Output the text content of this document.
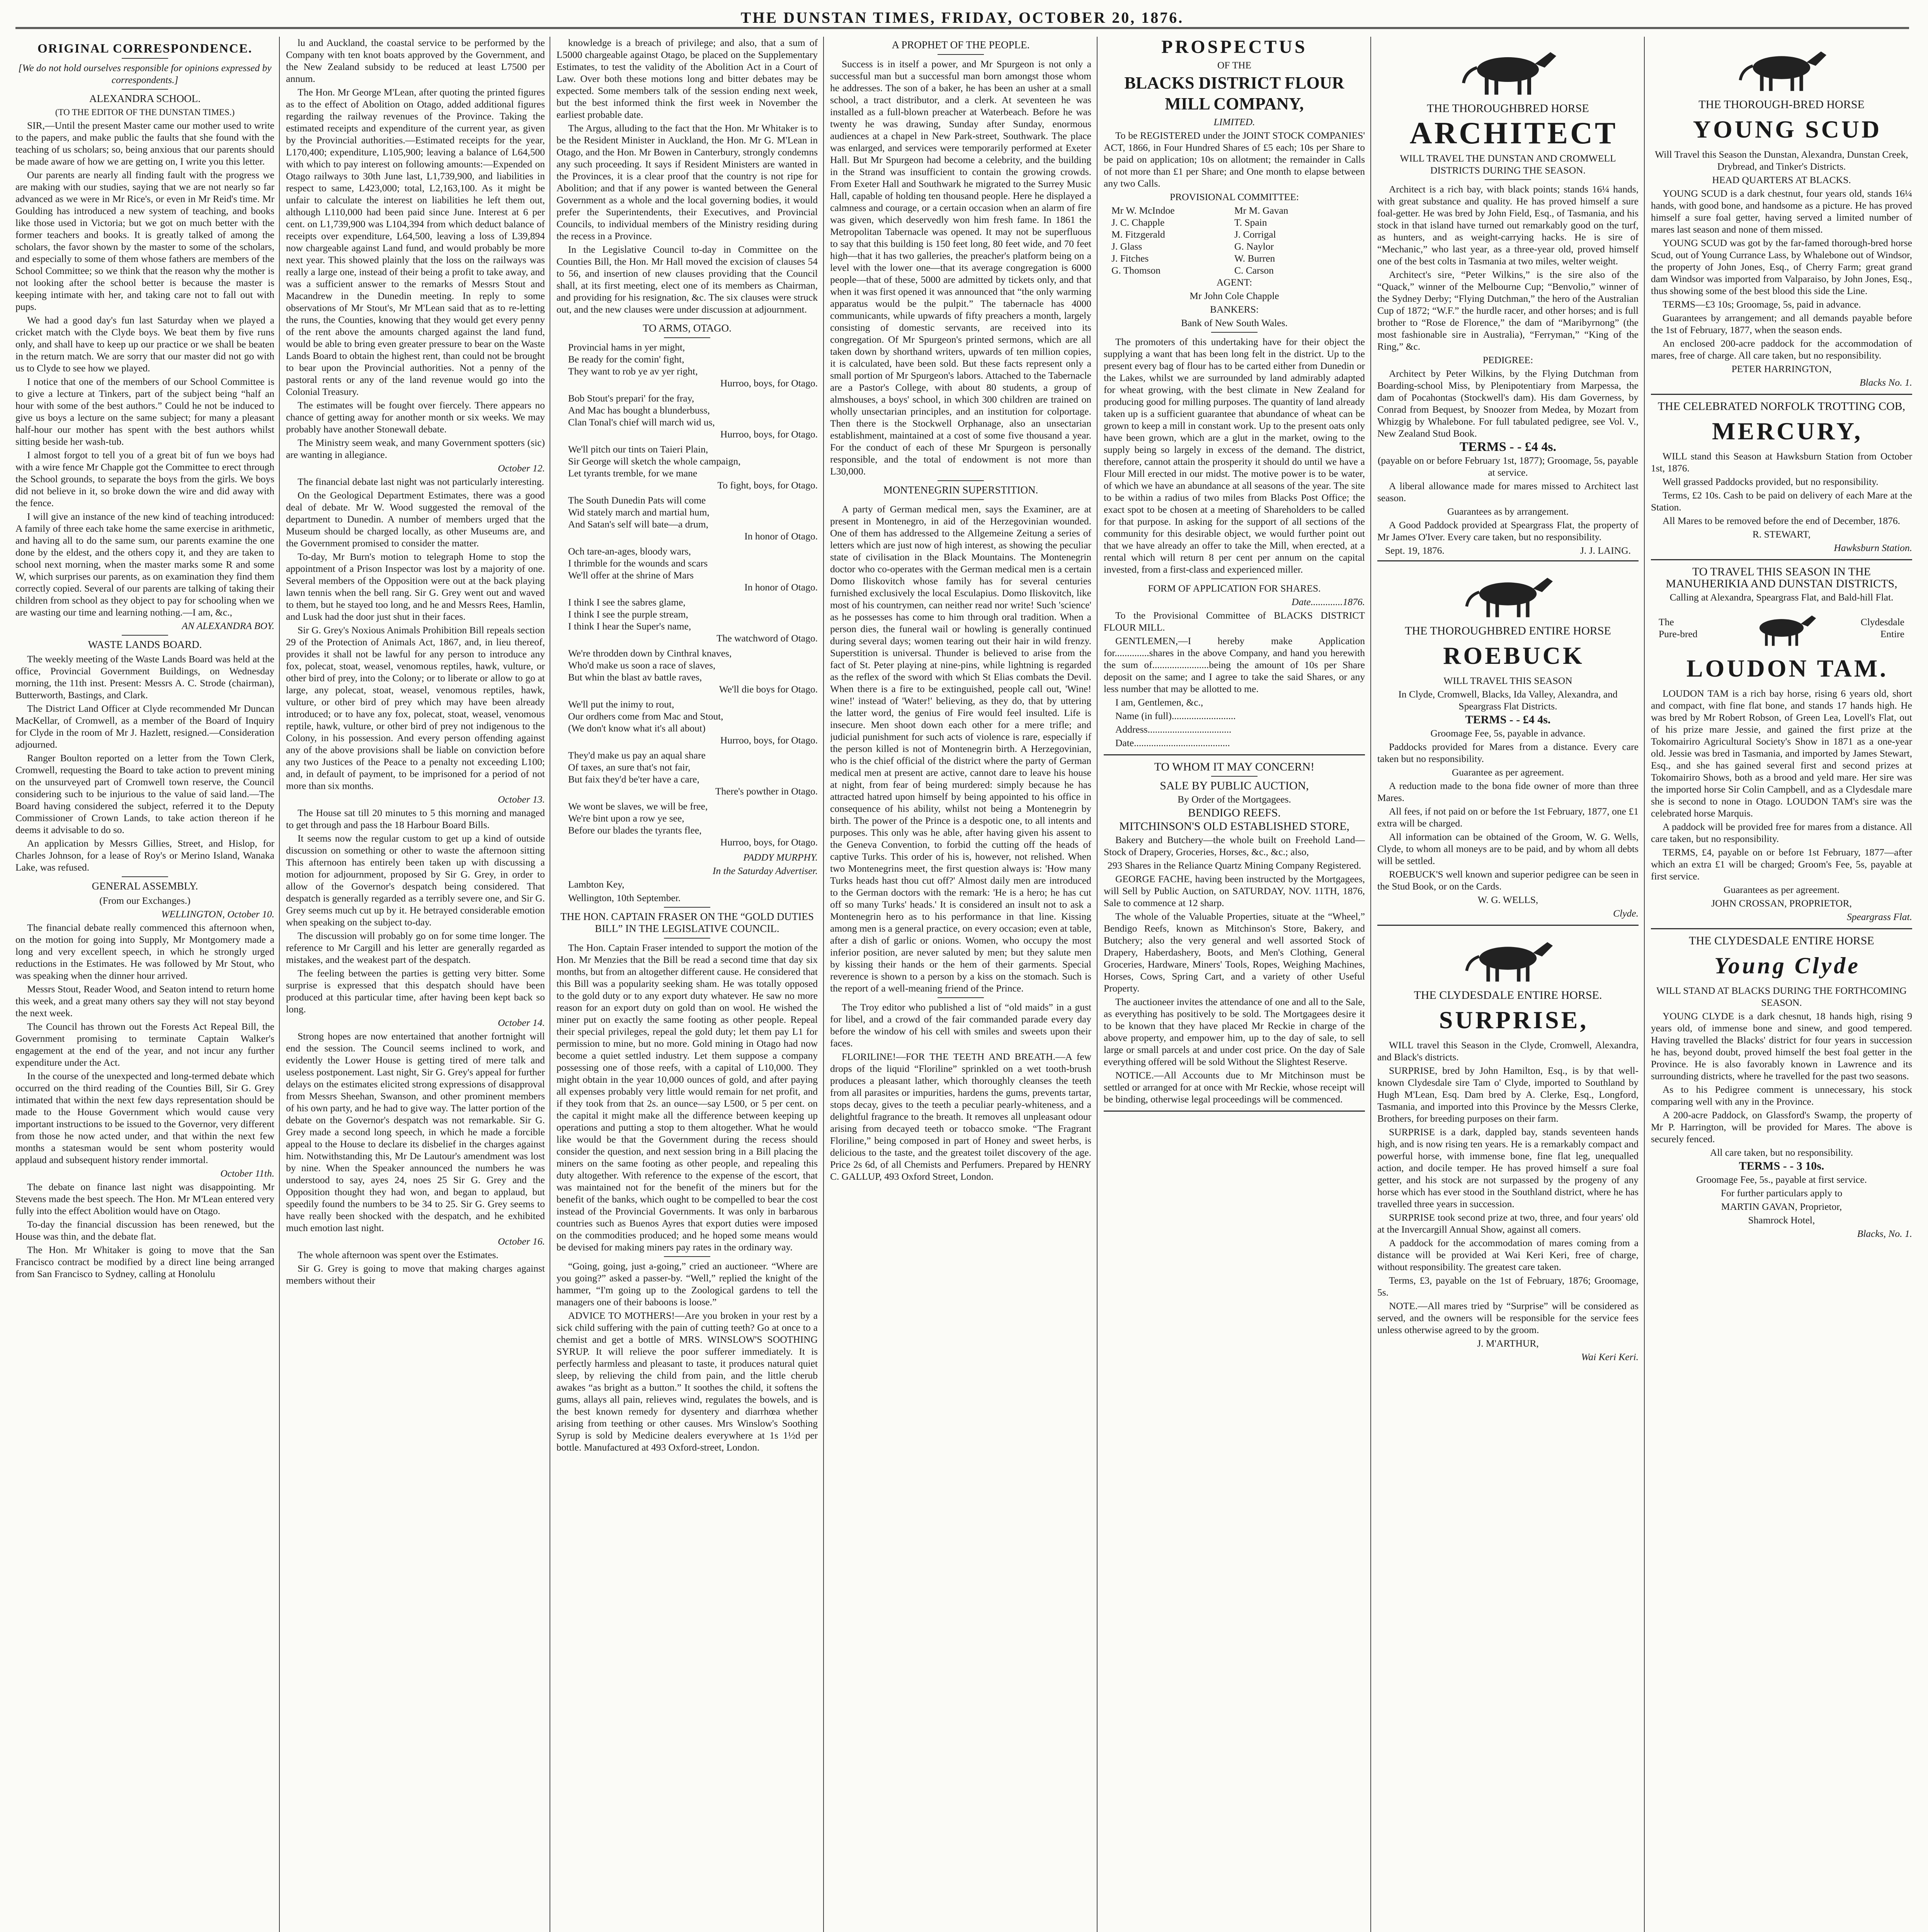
THE DUNSTAN TIMES, FRIDAY, OCTOBER 20, 1876.
ORIGINAL CORRESPONDENCE.

[We do not hold ourselves responsible for opinions expressed by correspondents.]

ALEXANDRA SCHOOL.

(TO THE EDITOR OF THE DUNSTAN TIMES.)

SIR,—Until the present Master came our mother used to write to the papers, and make public the faults that she found with the teaching of us scholars; so, being anxious that our parents should be made aware of how we are getting on, I write you this letter.

Our parents are nearly all finding fault with the progress we are making with our studies, saying that we are not nearly so far advanced as we were in Mr Rice's, or even in Mr Reid's time. Mr Goulding has introduced a new system of teaching, and books like those used in Victoria; but we got on much better with the former teachers and books. It is greatly talked of among the scholars, the favor shown by the master to some of the scholars, and especially to some of them whose fathers are members of the School Committee; so we think that the reason why the mother is not looking after the school better is because the master is keeping intimate with her, and taking care not to fall out with pups.

We had a good day's fun last Saturday when we played a cricket match with the Clyde boys. We beat them by five runs only, and shall have to keep up our practice or we shall be beaten in the return match. We are sorry that our master did not go with us to Clyde to see how we played.

I notice that one of the members of our School Committee is to give a lecture at Tinkers, part of the subject being “half an hour with some of the best authors.” Could he not be induced to give us boys a lecture on the same subject; for many a pleasant half-hour our mother has spent with the best authors whilst sitting beside her wash-tub.

I almost forgot to tell you of a great bit of fun we boys had with a wire fence Mr Chapple got the Committee to erect through the School grounds, to separate the boys from the girls. We boys did not believe in it, so broke down the wire and did away with the fence.

I will give an instance of the new kind of teaching introduced: A family of three each take home the same exercise in arithmetic, and having all to do the same sum, our parents examine the one done by the eldest, and the others copy it, and they are taken to school next morning, when the master marks some R and some W, which surprises our parents, as on examination they find them correctly copied. Several of our parents are talking of taking their children from school as they object to pay for schooling when we are wasting our time and learning nothing.—I am, &c.,

AN ALEXANDRA BOY.

WASTE LANDS BOARD.

The weekly meeting of the Waste Lands Board was held at the office, Provincial Government Buildings, on Wednesday morning, the 11th inst. Present: Messrs A. C. Strode (chairman), Butterworth, Bastings, and Clark.

The District Land Officer at Clyde recommended Mr Duncan MacKellar, of Cromwell, as a member of the Board of Inquiry for Clyde in the room of Mr J. Hazlett, resigned.—Consideration adjourned.

Ranger Boulton reported on a letter from the Town Clerk, Cromwell, requesting the Board to take action to prevent mining on the unsurveyed part of Cromwell town reserve, the Council considering such to be injurious to the value of said land.—The Board having considered the subject, referred it to the Deputy Commissioner of Crown Lands, to take action thereon if he deems it advisable to do so.

An application by Messrs Gillies, Street, and Hislop, for Charles Johnson, for a lease of Roy's or Merino Island, Wanaka Lake, was refused.

GENERAL ASSEMBLY.

(From our Exchanges.)

WELLINGTON, October 10.

The financial debate really commenced this afternoon when, on the motion for going into Supply, Mr Montgomery made a long and very excellent speech, in which he strongly urged reductions in the Estimates. He was followed by Mr Stout, who was speaking when the dinner hour arrived.

Messrs Stout, Reader Wood, and Seaton intend to return home this week, and a great many others say they will not stay beyond the next week.

The Council has thrown out the Forests Act Repeal Bill, the Government promising to terminate Captain Walker's engagement at the end of the year, and not incur any further expenditure under the Act.

In the course of the unexpected and long-termed debate which occurred on the third reading of the Counties Bill, Sir G. Grey intimated that within the next few days representation should be made to the House Government which would cause very important instructions to be issued to the Governor, very different from those he now acted under, and that within the next few months a statesman would be sent whom posterity would applaud and subsequent history render immortal.

October 11th.

The debate on finance last night was disappointing. Mr Stevens made the best speech. The Hon. Mr M'Lean entered very fully into the effect Abolition would have on Otago.

To-day the financial discussion has been renewed, but the House was thin, and the debate flat.

The Hon. Mr Whitaker is going to move that the San Francisco contract be modified by a direct line being arranged from San Francisco to Sydney, calling at Honolulu

lu and Auckland, the coastal service to be performed by the Company with ten knot boats approved by the Government, and the New Zealand subsidy to be reduced at least L7500 per annum.

The Hon. Mr George M'Lean, after quoting the printed figures as to the effect of Abolition on Otago, added additional figures regarding the railway revenues of the Province. Taking the estimated receipts and expenditure of the current year, as given by the Provincial authorities.—Estimated receipts for the year, L170,400; expenditure, L105,900; leaving a balance of L64,500 with which to pay interest on following amounts:—Expended on Otago railways to 30th June last, L1,739,900, and liabilities in respect to same, L423,000; total, L2,163,100. As it might be unfair to calculate the interest on liabilities he left them out, although L110,000 had been paid since June. Interest at 6 per cent. on L1,739,900 was L104,394 from which deduct balance of receipts over expenditure, L64,500, leaving a loss of L39,894 now chargeable against Land fund, and would probably be more next year. This showed plainly that the loss on the railways was really a large one, instead of their being a profit to take away, and was a sufficient answer to the remarks of Messrs Stout and Macandrew in the Dunedin meeting. In reply to some observations of Mr Stout's, Mr M'Lean said that as to re-letting the runs, the Counties, knowing that they would get every penny of the rent above the amounts charged against the land fund, would be able to bring even greater pressure to bear on the Waste Lands Board to obtain the highest rent, than could not be brought to bear upon the Provincial authorities. Not a penny of the pastoral rents or any of the land revenue would go into the Colonial Treasury.

The estimates will be fought over fiercely. There appears no chance of getting away for another month or six weeks. We may probably have another Stonewall debate.

The Ministry seem weak, and many Government spotters (sic) are wanting in allegiance.

October 12.

The financial debate last night was not particularly interesting.

On the Geological Department Estimates, there was a good deal of debate. Mr W. Wood suggested the removal of the department to Dunedin. A number of members urged that the Museum should be charged locally, as other Museums are, and the Government promised to consider the matter.

To-day, Mr Burn's motion to telegraph Home to stop the appointment of a Prison Inspector was lost by a majority of one. Several members of the Opposition were out at the back playing lawn tennis when the bell rang. Sir G. Grey went out and waved to them, but he stayed too long, and he and Messrs Rees, Hamlin, and Lusk had the door just shut in their faces.

Sir G. Grey's Noxious Animals Prohibition Bill repeals section 29 of the Protection of Animals Act, 1867, and, in lieu thereof, provides it shall not be lawful for any person to introduce any fox, polecat, stoat, weasel, venomous reptiles, hawk, vulture, or other bird of prey, into the Colony; or to liberate or allow to go at large, any polecat, stoat, weasel, venomous reptiles, hawk, vulture, or other bird of prey which may have been already introduced; or to have any fox, polecat, stoat, weasel, venomous reptile, hawk, vulture, or other bird of prey not indigenous to the Colony, in his possession. And every person offending against any of the above provisions shall be liable on conviction before any two Justices of the Peace to a penalty not exceeding L100; and, in default of payment, to be imprisoned for a period of not more than six months.

October 13.

The House sat till 20 minutes to 5 this morning and managed to get through and pass the 18 Harbour Board Bills.

It seems now the regular custom to get up a kind of outside discussion on something or other to waste the afternoon sitting This afternoon has entirely been taken up with discussing a motion for adjournment, proposed by Sir G. Grey, in order to allow of the Governor's despatch being considered. That despatch is generally regarded as a terribly severe one, and Sir G. Grey seems much cut up by it. He betrayed considerable emotion when speaking on the subject to-day.

The discussion will probably go on for some time longer. The reference to Mr Cargill and his letter are generally regarded as mistakes, and the weakest part of the despatch.

The feeling between the parties is getting very bitter. Some surprise is expressed that this despatch should have been produced at this particular time, after having been kept back so long.

October 14.

Strong hopes are now entertained that another fortnight will end the session. The Council seems inclined to work, and evidently the Lower House is getting tired of mere talk and useless postponement. Last night, Sir G. Grey's appeal for further delays on the estimates elicited strong expressions of disapproval from Messrs Sheehan, Swanson, and other prominent members of his own party, and he had to give way. The latter portion of the debate on the Governor's despatch was not remarkable. Sir G. Grey made a second long speech, in which he made a forcible appeal to the House to declare its disbelief in the charges against him. Notwithstanding this, Mr De Lautour's amendment was lost by nine. When the Speaker announced the numbers he was understood to say, ayes 24, noes 25 Sir G. Grey and the Opposition thought they had won, and began to applaud, but speedily found the numbers to be 34 to 25. Sir G. Grey seems to have really been shocked with the despatch, and he exhibited much emotion last night.

October 16.

The whole afternoon was spent over the Estimates.

Sir G. Grey is going to move that making charges against members without their

knowledge is a breach of privilege; and also, that a sum of L5000 chargeable against Otago, be placed on the Supplementary Estimates, to test the validity of the Abolition Act in a Court of Law. Over both these motions long and bitter debates may be expected. Some members talk of the session ending next week, but the best informed think the first week in November the earliest probable date.

The Argus, alluding to the fact that the Hon. Mr Whitaker is to be the Resident Minister in Auckland, the Hon. Mr G. M'Lean in Otago, and the Hon. Mr Bowen in Canterbury, strongly condemns any such proceeding. It says if Resident Ministers are wanted in the Provinces, it is a clear proof that the country is not ripe for Abolition; and that if any power is wanted between the General Government as a whole and the local governing bodies, it would prefer the Superintendents, their Executives, and Provincial Councils, to individual members of the Ministry residing during the recess in a Province.

In the Legislative Council to-day in Committee on the Counties Bill, the Hon. Mr Hall moved the excision of clauses 54 to 56, and insertion of new clauses providing that the Council shall, at its first meeting, elect one of its members as Chairman, and providing for his resignation, &c. The six clauses were struck out, and the new clauses were under discussion at adjournment.

TO ARMS, OTAGO.

Provincial hams in yer might,
Be ready for the comin' fight,
They want to rob ye av yer right,
Hurroo, boys, for Otago.
Bob Stout's prepari' for the fray,
And Mac has bought a blunderbuss,
Clan Tonal's chief will march wid us,
Hurroo, boys, for Otago.
We'll pitch our tints on Taieri Plain,
Sir George will sketch the whole campaign,
Let tyrants tremble, for we mane
To fight, boys, for Otago.
The South Dunedin Pats will come
Wid stately march and martial hum,
And Satan's self will bate—a drum,
In honor of Otago.
Och tare-an-ages, bloody wars,
I thrimble for the wounds and scars
We'll offer at the shrine of Mars
In honor of Otago.
I think I see the sabres glame,
I think I see the purple stream,
I think I hear the Super's name,
The watchword of Otago.
We're throdden down by Cinthral knaves,
Who'd make us soon a race of slaves,
But whin the blast av battle raves,
We'll die boys for Otago.
We'll put the inimy to rout,
Our ordhers come from Mac and Stout,
(We don't know what it's all about)
Hurroo, boys, for Otago.
They'd make us pay an aqual share
Of taxes, an sure that's not fair,
But faix they'd be'ter have a care,
There's powther in Otago.
We wont be slaves, we will be free,
We're bint upon a row ye see,
Before our blades the tyrants flee,
Hurroo, boys, for Otago.

PADDY MURPHY.

In the Saturday Advertiser.

Lambton Key,

Wellington, 10th September.

THE HON. CAPTAIN FRASER ON THE “GOLD DUTIES BILL” IN THE LEGISLATIVE COUNCIL.

The Hon. Captain Fraser intended to support the motion of the Hon. Mr Menzies that the Bill be read a second time that day six months, but from an altogether different cause. He considered that this Bill was a popularity seeking sham. He was totally opposed to the gold duty or to any export duty whatever. He saw no more reason for an export duty on gold than on wool. He wished the miner put on exactly the same footing as other people. Repeal their special privileges, repeal the gold duty; let them pay L1 for permission to mine, but no more. Gold mining in Otago had now become a quiet settled industry. Let them suppose a company possessing one of those reefs, with a capital of L10,000. They might obtain in the year 10,000 ounces of gold, and after paying all expenses probably very little would remain for net profit, and if they took from that 2s. an ounce—say L500, or 5 per cent. on the capital it might make all the difference between keeping up operations and putting a stop to them altogether. What he would like would be that the Government during the recess should consider the question, and next session bring in a Bill placing the miners on the same footing as other people, and repealing this duty altogether. With reference to the expense of the escort, that was maintained not for the benefit of the miners but for the benefit of the banks, which ought to be compelled to bear the cost instead of the Provincial Governments. It was only in barbarous countries such as Buenos Ayres that export duties were imposed on the commodities produced; and he hoped some means would be devised for making miners pay rates in the ordinary way.

“Going, going, just a-going,” cried an auctioneer. “Where are you going?” asked a passer-by. “Well,” replied the knight of the hammer, “I'm going up to the Zoological gardens to tell the managers one of their baboons is loose.”

ADVICE TO MOTHERS!—Are you broken in your rest by a sick child suffering with the pain of cutting teeth? Go at once to a chemist and get a bottle of MRS. WINSLOW'S SOOTHING SYRUP. It will relieve the poor sufferer immediately. It is perfectly harmless and pleasant to taste, it produces natural quiet sleep, by relieving the child from pain, and the little cherub awakes “as bright as a button.” It soothes the child, it softens the gums, allays all pain, relieves wind, regulates the bowels, and is the best known remedy for dysentery and diarrhœa whether arising from teething or other causes. Mrs Winslow's Soothing Syrup is sold by Medicine dealers everywhere at 1s 1½d per bottle. Manufactured at 493 Oxford-street, London.

A PROPHET OF THE PEOPLE.

Success is in itself a power, and Mr Spurgeon is not only a successful man but a successful man born amongst those whom he addresses. The son of a baker, he has been an usher at a small school, a tract distributor, and a clerk. At seventeen he was installed as a full-blown preacher at Waterbeach. Before he was twenty he was drawing, Sunday after Sunday, enormous audiences at a chapel in New Park-street, Southwark. The place was enlarged, and services were temporarily performed at Exeter Hall. But Mr Spurgeon had become a celebrity, and the building in the Strand was insufficient to contain the growing crowds. From Exeter Hall and Southwark he migrated to the Surrey Music Hall, capable of holding ten thousand people. Here he displayed a calmness and courage, or a certain occasion when an alarm of fire was given, which deservedly won him fresh fame. In 1861 the Metropolitan Tabernacle was opened. It may not be superfluous to say that this building is 150 feet long, 80 feet wide, and 70 feet high—that it has two galleries, the preacher's platform being on a level with the lower one—that its average congregation is 6000 people—that of these, 5000 are admitted by tickets only, and that when it was first opened it was announced that “the only warming apparatus would be the pulpit.” The tabernacle has 4000 communicants, while upwards of fifty preachers a month, largely consisting of domestic servants, are received into its congregation. Of Mr Spurgeon's printed sermons, which are all taken down by shorthand writers, upwards of ten million copies, it is calculated, have been sold. But these facts represent only a small portion of Mr Spurgeon's labors. Attached to the Tabernacle are a Pastor's College, with about 80 students, a group of almshouses, a boys' school, in which 300 children are trained on wholly unsectarian principles, and an institution for colportage. Then there is the Stockwell Orphanage, also an unsectarian establishment, maintained at a cost of some five thousand a year. For the conduct of each of these Mr Spurgeon is personally responsible, and the total of endowment is not more than L30,000.

MONTENEGRIN SUPERSTITION.

A party of German medical men, says the Examiner, are at present in Montenegro, in aid of the Herzegovinian wounded. One of them has addressed to the Allgemeine Zeitung a series of letters which are just now of high interest, as showing the peculiar state of civilisation in the Black Mountains. The Montenegrin doctor who co-operates with the German medical men is a certain Domo Iliskovitch whose family has for several centuries furnished exclusively the local Esculapius. Domo Iliskovitch, like most of his countrymen, can neither read nor write! Such 'science' as he possesses has come to him through oral tradition. When a person dies, the funeral wail or howling is generally continued during several days; women tearing out their hair in wild frenzy. Superstition is universal. Thunder is believed to arise from the fact of St. Peter playing at nine-pins, while lightning is regarded as the reflex of the sword with which St Elias combats the Devil. When there is a fire to be extinguished, people call out, 'Wine! wine!' instead of 'Water!' believing, as they do, that by uttering the latter word, the genius of Fire would feel insulted. Life is insecure. Men shoot down each other for a mere trifle; and judicial punishment for such acts of violence is rare, especially if the person killed is not of Montenegrin birth. A Herzegovinian, who is the chief official of the district where the party of German medical men at present are active, cannot dare to leave his house at night, from fear of being murdered: simply because he has attracted hatred upon himself by being appointed to his office in consequence of his ability, whilst not being a Montenegrin by birth. The power of the Prince is a despotic one, to all intents and purposes. This only was he able, after having given his assent to the Geneva Convention, to forbid the cutting off the heads of captive Turks. This order of his is, however, not relished. When two Montenegrins meet, the first question always is: 'How many Turks heads hast thou cut off?' Almost daily men are introduced to the German doctors with the remark: 'He is a hero; he has cut off so many Turks' heads.' It is considered an insult not to ask a Montenegrin hero as to his performance in that line. Kissing among men is a general practice, on every occasion; even at table, after a dish of garlic or onions. Women, who occupy the most inferior position, are never saluted by men; but they salute men by kissing their hands or the hem of their garments. Special reverence is shown to a person by a kiss on the stomach. Such is the report of a well-meaning friend of the Prince.

The Troy editor who published a list of “old maids” in a gust for libel, and a crowd of the fair commanded parade every day before the window of his cell with smiles and sweets upon their faces.

FLORILINE!—FOR THE TEETH AND BREATH.—A few drops of the liquid “Floriline” sprinkled on a wet tooth-brush produces a pleasant lather, which thoroughly cleanses the teeth from all parasites or impurities, hardens the gums, prevents tartar, stops decay, gives to the teeth a peculiar pearly-whiteness, and a delightful fragrance to the breath. It removes all unpleasant odour arising from decayed teeth or tobacco smoke. “The Fragrant Floriline,” being composed in part of Honey and sweet herbs, is delicious to the taste, and the greatest toilet discovery of the age. Price 2s 6d, of all Chemists and Perfumers. Prepared by HENRY C. GALLUP, 493 Oxford Street, London.

PROSPECTUS

OF THE

BLACKS DISTRICT FLOUR MILL COMPANY,

LIMITED.

To be REGISTERED under the JOINT STOCK COMPANIES' ACT, 1866, in Four Hundred Shares of £5 each; 10s per Share to be paid on application; 10s on allotment; the remainder in Calls of not more than £1 per Share; and One month to elapse between any two Calls.

PROVISIONAL COMMITTEE:

Mr W. McIndoe
J. C. Chapple
M. Fitzgerald
J. Glass
J. Fitches
G. Thomson
Mr M. Gavan
T. Spain
J. Corrigal
G. Naylor
W. Burren
C. Carson

AGENT:

Mr John Cole Chapple

BANKERS:

Bank of New South Wales.

The promoters of this undertaking have for their object the supplying a want that has been long felt in the district. Up to the present every bag of flour has to be carted either from Dunedin or the Lakes, whilst we are surrounded by land admirably adapted for wheat growing, with the best climate in New Zealand for producing good for milling purposes. The quantity of land already taken up is a sufficient guarantee that abundance of wheat can be grown to keep a mill in constant work. Up to the present oats only have been grown, which are a glut in the market, owing to the supply being so largely in excess of the demand. The district, therefore, cannot attain the prosperity it should do until we have a Flour Mill erected in our midst. The motive power is to be water, of which we have an abundance at all seasons of the year. The site to be within a radius of two miles from Blacks Post Office; the exact spot to be chosen at a meeting of Shareholders to be called for that purpose. In asking for the support of all sections of the community for this desirable object, we would further point out that we have already an offer to take the Mill, when erected, at a rental which will return 8 per cent per annum on the capital invested, from a first-class and experienced miller.

FORM OF APPLICATION FOR SHARES.

Date.............1876.

To the Provisional Committee of BLACKS DISTRICT FLOUR MILL.

GENTLEMEN,—I hereby make Application for..............shares in the above Company, and hand you herewith the sum of.......................being the amount of 10s per Share deposit on the same; and I agree to take the said Shares, or any less number that may be allotted to me.

I am, Gentlemen, &c.,

Name (in full)..........................

Address..................................

Date.......................................

TO WHOM IT MAY CONCERN!

SALE BY PUBLIC AUCTION,

By Order of the Mortgagees.

BENDIGO REEFS.

MITCHINSON'S OLD ESTABLISHED STORE,

Bakery and Butchery—the whole built on Freehold Land—Stock of Drapery, Groceries, Horses, &c., &c.; also,

293 Shares in the Reliance Quartz Mining Company Registered.

GEORGE FACHE, having been instructed by the Mortgagees, will Sell by Public Auction, on SATURDAY, NOV. 11TH, 1876, Sale to commence at 12 sharp.

The whole of the Valuable Properties, situate at the “Wheel,” Bendigo Reefs, known as Mitchinson's Store, Bakery, and Butchery; also the very general and well assorted Stock of Drapery, Haberdashery, Boots, and Men's Clothing, General Groceries, Hardware, Miners' Tools, Ropes, Weighing Machines, Horses, Cows, Spring Cart, and a variety of other Useful Property.

The auctioneer invites the attendance of one and all to the Sale, as everything has positively to be sold. The Mortgagees desire it to be known that they have placed Mr Reckie in charge of the above property, and empower him, up to the day of sale, to sell large or small parcels at and under cost price. On the day of Sale everything offered will be sold Without the Slightest Reserve.

NOTICE.—All Accounts due to Mr Mitchinson must be settled or arranged for at once with Mr Reckie, whose receipt will be binding, otherwise legal proceedings will be commenced.

THE THOROUGHBRED HORSE

ARCHITECT

WILL TRAVEL THE DUNSTAN AND CROMWELL DISTRICTS DURING THE SEASON.

Architect is a rich bay, with black points; stands 16¼ hands, with great substance and quality. He has proved himself a sure foal-getter. He was bred by John Field, Esq., of Tasmania, and his stock in that island have turned out remarkably good on the turf, as hunters, and as weight-carrying hacks. He is sire of “Mechanic,” who last year, as a three-year old, proved himself one of the best colts in Tasmania at two miles, welter weight.

Architect's sire, “Peter Wilkins,” is the sire also of the “Quack,” winner of the Melbourne Cup; “Benvolio,” winner of the Sydney Derby; “Flying Dutchman,” the hero of the Australian Cup of 1872; “W.F.” the hurdle racer, and other horses; and is full brother to “Rose de Florence,” the dam of “Maribyrnong” (the most fashionable sire in Australia), “Ferryman,” “King of the Ring,” &c.

PEDIGREE:

Architect by Peter Wilkins, by the Flying Dutchman from Boarding-school Miss, by Plenipotentiary from Marpessa, the dam of Pocahontas (Stockwell's dam). His dam Governess, by Conrad from Bequest, by Snoozer from Medea, by Mozart from Whizgig by Whalebone. For full tabulated pedigree, see Vol. V., New Zealand Stud Book.

TERMS - - £4 4s.

(payable on or before February 1st, 1877); Groomage, 5s, payable at service.

A liberal allowance made for mares missed to Architect last season.

Guarantees as by arrangement.

A Good Paddock provided at Speargrass Flat, the property of Mr James O'Iver. Every care taken, but no responsibility.

Sept. 19, 1876.	J. J. LAING.

THE THOROUGHBRED ENTIRE HORSE

ROEBUCK

WILL TRAVEL THIS SEASON

In Clyde, Cromwell, Blacks, Ida Valley, Alexandra, and Speargrass Flat Districts.

TERMS - - £4 4s.

Groomage Fee, 5s, payable in advance.

Paddocks provided for Mares from a distance. Every care taken but no responsibility.

Guarantee as per agreement.

A reduction made to the bona fide owner of more than three Mares.

All fees, if not paid on or before the 1st February, 1877, one £1 extra will be charged.

All information can be obtained of the Groom, W. G. Wells, Clyde, to whom all moneys are to be paid, and by whom all debts will be settled.

ROEBUCK'S well known and superior pedigree can be seen in the Stud Book, or on the Cards.

W. G. WELLS,

Clyde.

THE CLYDESDALE ENTIRE HORSE.

SURPRISE,

WILL travel this Season in the Clyde, Cromwell, Alexandra, and Black's districts.

SURPRISE, bred by John Hamilton, Esq., is by that well-known Clydesdale sire Tam o' Clyde, imported to Southland by Hugh M'Lean, Esq. Dam bred by A. Clerke, Esq., Longford, Tasmania, and imported into this Province by the Messrs Clerke, Brothers, for breeding purposes on their farm.

SURPRISE is a dark, dappled bay, stands seventeen hands high, and is now rising ten years. He is a remarkably compact and powerful horse, with immense bone, fine flat leg, unequalled action, and docile temper. He has proved himself a sure foal getter, and his stock are not surpassed by the progeny of any horse which has ever stood in the Southland district, where he has travelled three years in succession.

SURPRISE took second prize at two, three, and four years' old at the Invercargill Annual Show, against all comers.

A paddock for the accommodation of mares coming from a distance will be provided at Wai Keri Keri, free of charge, without responsibility. The greatest care taken.

Terms, £3, payable on the 1st of February, 1876; Groomage, 5s.

NOTE.—All mares tried by “Surprise” will be considered as served, and the owners will be responsible for the service fees unless otherwise agreed to by the groom.

J. M'ARTHUR,

Wai Keri Keri.

THE THOROUGH-BRED HORSE

YOUNG SCUD

Will Travel this Season the Dunstan, Alexandra, Dunstan Creek, Drybread, and Tinker's Districts.

HEAD QUARTERS AT BLACKS.

YOUNG SCUD is a dark chestnut, four years old, stands 16¼ hands, with good bone, and handsome as a picture. He has proved himself a sure foal getter, having served a limited number of mares last season and none of them missed.

YOUNG SCUD was got by the far-famed thorough-bred horse Scud, out of Young Currance Lass, by Whalebone out of Windsor, the property of John Jones, Esq., of Cherry Farm; great grand dam Windsor was imported from Valparaiso, by John Jones, Esq., thus showing some of the best blood this side the Line.

TERMS—£3 10s; Groomage, 5s, paid in advance.

Guarantees by arrangement; and all demands payable before the 1st of February, 1877, when the season ends.

An enclosed 200-acre paddock for the accommodation of mares, free of charge. All care taken, but no responsibility.

PETER HARRINGTON,

Blacks No. 1.

THE CELEBRATED NORFOLK TROTTING COB,

MERCURY,

WILL stand this Season at Hawksburn Station from October 1st, 1876.

Well grassed Paddocks provided, but no responsibility.

Terms, £2 10s. Cash to be paid on delivery of each Mare at the Station.

All Mares to be removed before the end of December, 1876.

R. STEWART,

Hawksburn Station.

TO TRAVEL THIS SEASON IN THE MANUHERIKIA AND DUNSTAN DISTRICTS,

Calling at Alexandra, Speargrass Flat, and Bald-hill Flat.

The
Pure-bred
Clydesdale
Entire

LOUDON TAM.

LOUDON TAM is a rich bay horse, rising 6 years old, short and compact, with fine flat bone, and stands 17 hands high. He was bred by Mr Robert Robson, of Green Lea, Lovell's Flat, out of his prize mare Jessie, and gained the first prize at the Tokomairiro Agricultural Society's Show in 1871 as a one-year old. Jessie was bred in Tasmania, and imported by James Stewart, Esq., and she has gained several first and second prizes at Tokomairiro Shows, both as a brood and yeld mare. Her sire was the imported horse Sir Colin Campbell, and as a Clydesdale mare she is second to none in Otago. LOUDON TAM's sire was the celebrated horse Marquis.

A paddock will be provided free for mares from a distance. All care taken, but no responsibility.

TERMS, £4, payable on or before 1st February, 1877—after which an extra £1 will be charged; Groom's Fee, 5s, payable at first service.

Guarantees as per agreement.

JOHN CROSSAN, PROPRIETOR,

Speargrass Flat.

THE CLYDESDALE ENTIRE HORSE

Young Clyde

WILL STAND AT BLACKS DURING THE FORTHCOMING SEASON.

YOUNG CLYDE is a dark chesnut, 18 hands high, rising 9 years old, of immense bone and sinew, and good tempered. Having travelled the Blacks' district for four years in succession he has, beyond doubt, proved himself the best foal getter in the Province. He is also favorably known in Lawrence and its surrounding districts, where he travelled for the past two seasons.

As to his Pedigree comment is unnecessary, his stock comparing well with any in the Province.

A 200-acre Paddock, on Glassford's Swamp, the property of Mr P. Harrington, will be provided for Mares. The above is securely fenced.

All care taken, but no responsibility.

TERMS - - 3 10s.

Groomage Fee, 5s., payable at first service.

For further particulars apply to

MARTIN GAVAN, Proprietor,

Shamrock Hotel,

Blacks, No. 1.
